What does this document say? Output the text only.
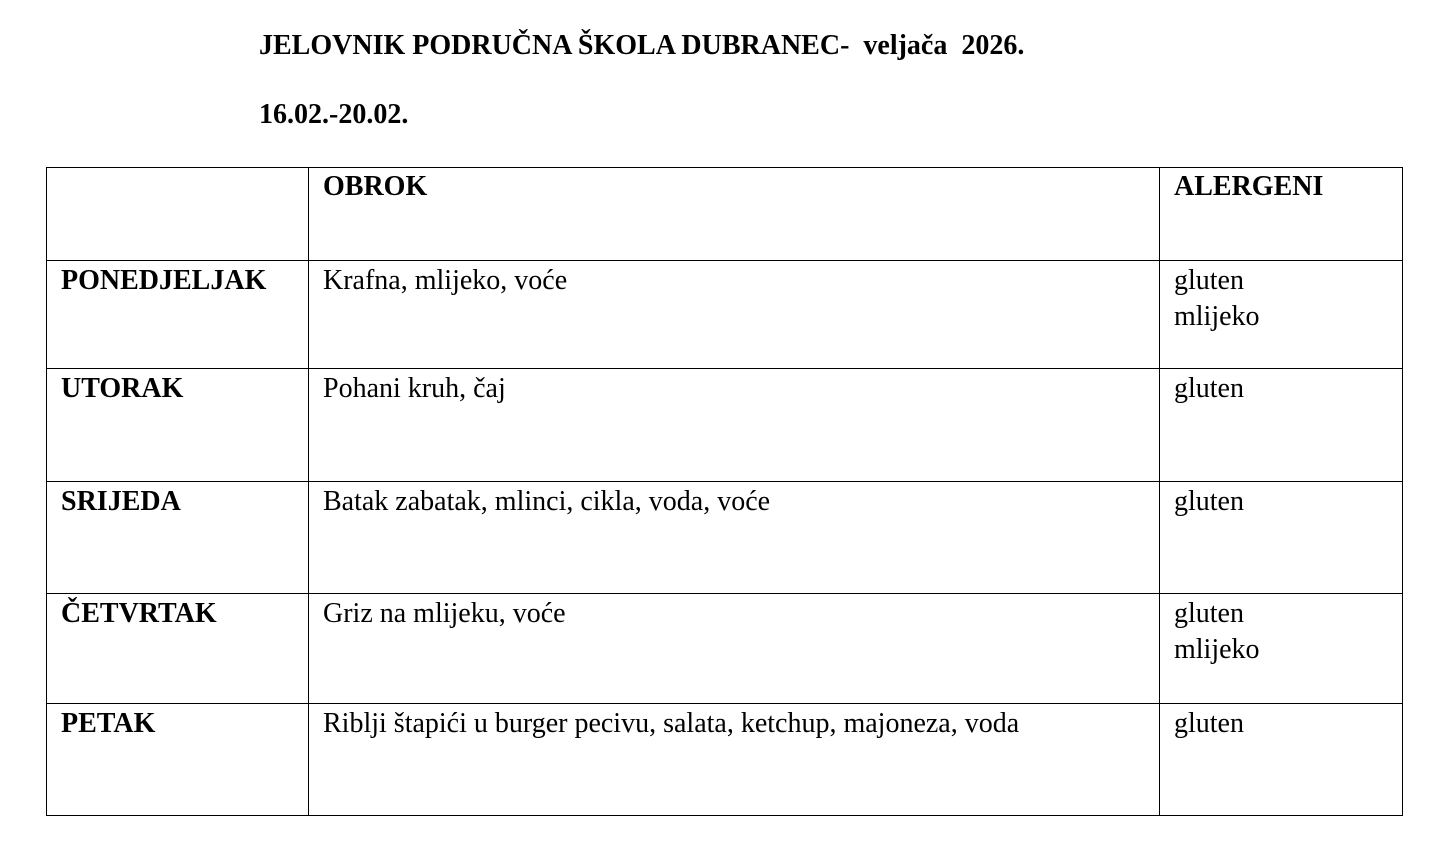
JELOVNIK PODRUČNA ŠKOLA DUBRANEC-  veljača  2026.
16.02.-20.02.
	OBROK	ALERGENI
PONEDJELJAK	Krafna, mlijeko, voće	gluten
mlijeko

UTORAK	Pohani kruh, čaj	gluten

SRIJEDA	Batak zabatak, mlinci, cikla, voda, voće	gluten

ČETVRTAK	Griz na mlijeku, voće	gluten
mlijeko

PETAK	Riblji štapići u burger pecivu, salata, ketchup, majoneza, voda	gluten
